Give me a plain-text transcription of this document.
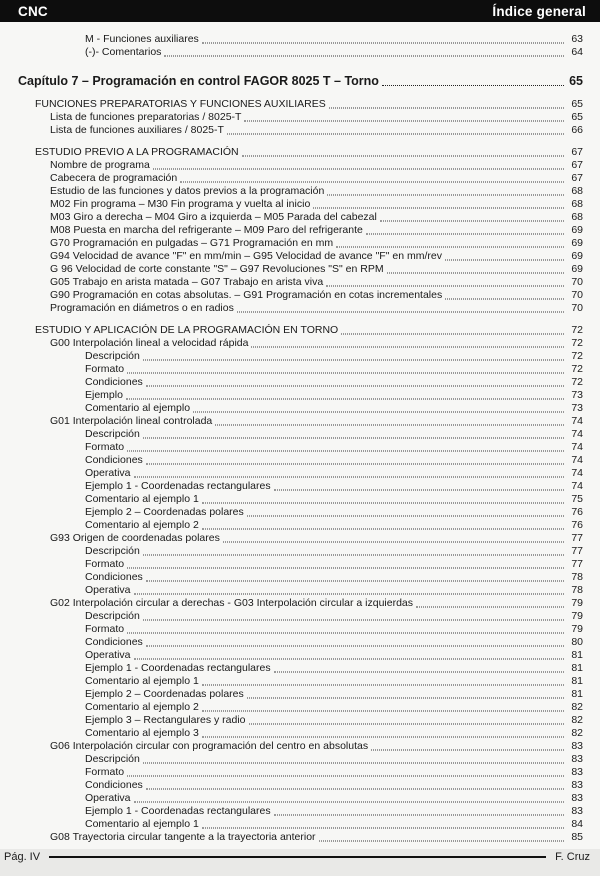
CNC	Índice general
M - Funciones auxiliares	63
(-)- Comentarios	64
Capítulo 7 – Programación en control FAGOR 8025 T – Torno	65
FUNCIONES PREPARATORIAS Y FUNCIONES AUXILIARES	65
Lista de funciones preparatorias / 8025-T	65
Lista de funciones auxiliares / 8025-T	66
ESTUDIO PREVIO A LA PROGRAMACIÓN	67
Nombre de programa	67
Cabecera de programación	67
Estudio de las funciones y datos previos a la programación	68
M02 Fin programa – M30 Fin programa y vuelta al inicio	68
M03 Giro a derecha – M04 Giro a izquierda – M05 Parada del cabezal	68
M08 Puesta en marcha del refrigerante – M09 Paro del refrigerante	69
G70 Programación en pulgadas – G71 Programación en mm	69
G94 Velocidad de avance "F" en mm/min – G95 Velocidad de avance "F" en mm/rev	69
G 96 Velocidad de corte constante "S" – G97 Revoluciones "S" en RPM	69
G05 Trabajo en arista matada – G07 Trabajo en arista viva	70
G90 Programación en cotas absolutas. – G91 Programación en cotas incrementales	70
Programación en diámetros o en radios	70
ESTUDIO Y APLICACIÓN DE LA PROGRAMACIÓN EN TORNO	72
G00 Interpolación lineal a velocidad rápida	72
Descripción	72
Formato	72
Condiciones	72
Ejemplo	73
Comentario al ejemplo	73
G01 Interpolación lineal controlada	74
Descripción	74
Formato	74
Condiciones	74
Operativa	74
Ejemplo 1 - Coordenadas rectangulares	74
Comentario al ejemplo 1	75
Ejemplo 2 – Coordenadas polares	76
Comentario al ejemplo 2	76
G93 Origen de coordenadas polares	77
Descripción	77
Formato	77
Condiciones	78
Operativa	78
G02 Interpolación circular a derechas - G03 Interpolación circular a izquierdas	79
Descripción	79
Formato	79
Condiciones	80
Operativa	81
Ejemplo 1 - Coordenadas rectangulares	81
Comentario al ejemplo 1	81
Ejemplo 2 – Coordenadas polares	81
Comentario al ejemplo 2	82
Ejemplo 3 – Rectangulares y radio	82
Comentario al ejemplo 3	82
G06 Interpolación circular con programación del centro en absolutas	83
Descripción	83
Formato	83
Condiciones	83
Operativa	83
Ejemplo 1 - Coordenadas rectangulares	83
Comentario al ejemplo 1	84
G08 Trayectoria circular tangente a la trayectoria anterior	85
Pág. IV	F. Cruz
